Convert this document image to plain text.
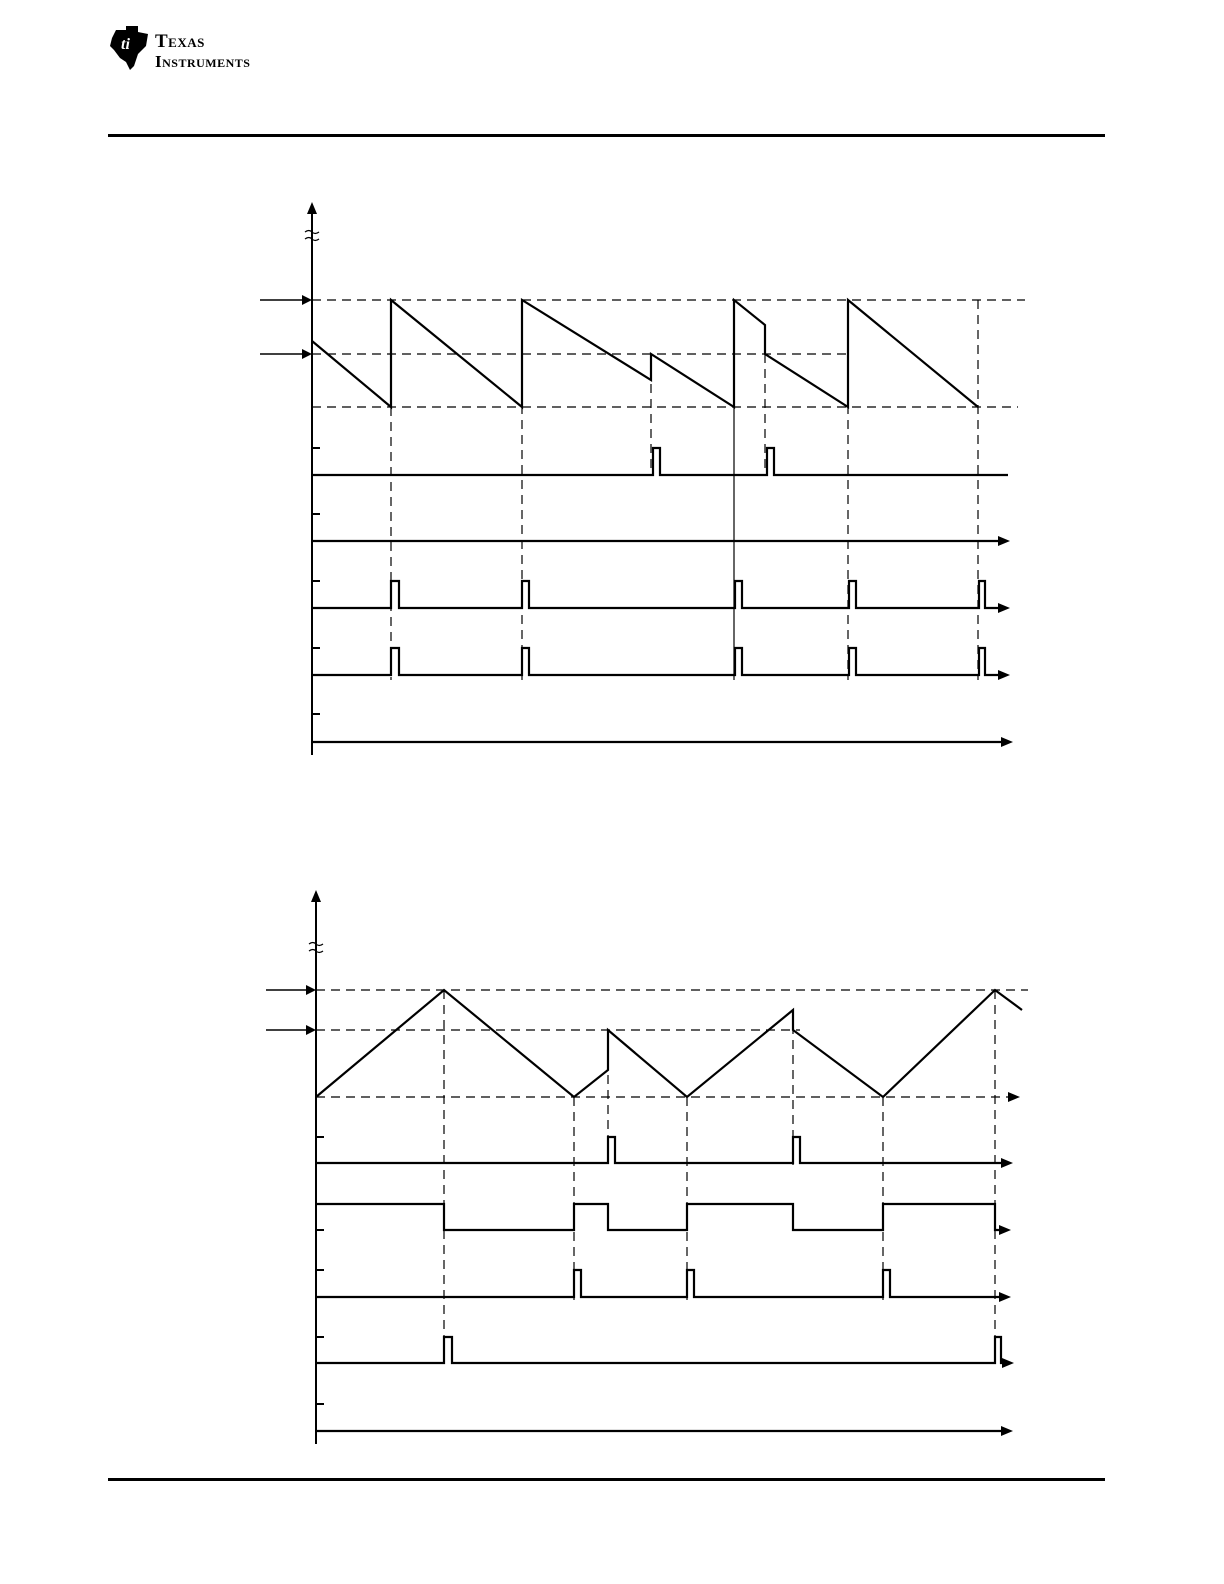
ti Texas
Instruments
